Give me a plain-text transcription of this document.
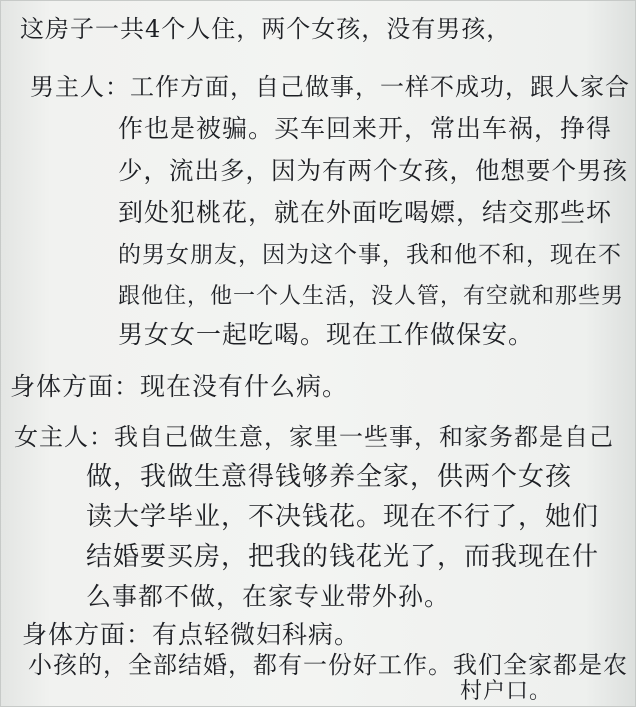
这房子一共4个人住，两个女孩，没有男孩，

男主人：工作方面，自己做事，一样不成功，跟人家合

作也是被骗。买车回来开，常出车祸，挣得

少，流出多，因为有两个女孩，他想要个男孩

到处犯桃花，就在外面吃喝嫖，结交那些坏

的男女朋友，因为这个事，我和他不和，现在不

跟他住，他一个人生活，没人管，有空就和那些男

男女女一起吃喝。现在工作做保安。

身体方面：现在没有什么病。

女主人：我自己做生意，家里一些事，和家务都是自己

做，我做生意得钱够养全家，供两个女孩

读大学毕业，不决钱花。现在不行了，她们

结婚要买房，把我的钱花光了，而我现在什

么事都不做，在家专业带外孙。

身体方面：有点轻微妇科病。

小孩的，全部结婚，都有一份好工作。我们全家都是农

村户口。
